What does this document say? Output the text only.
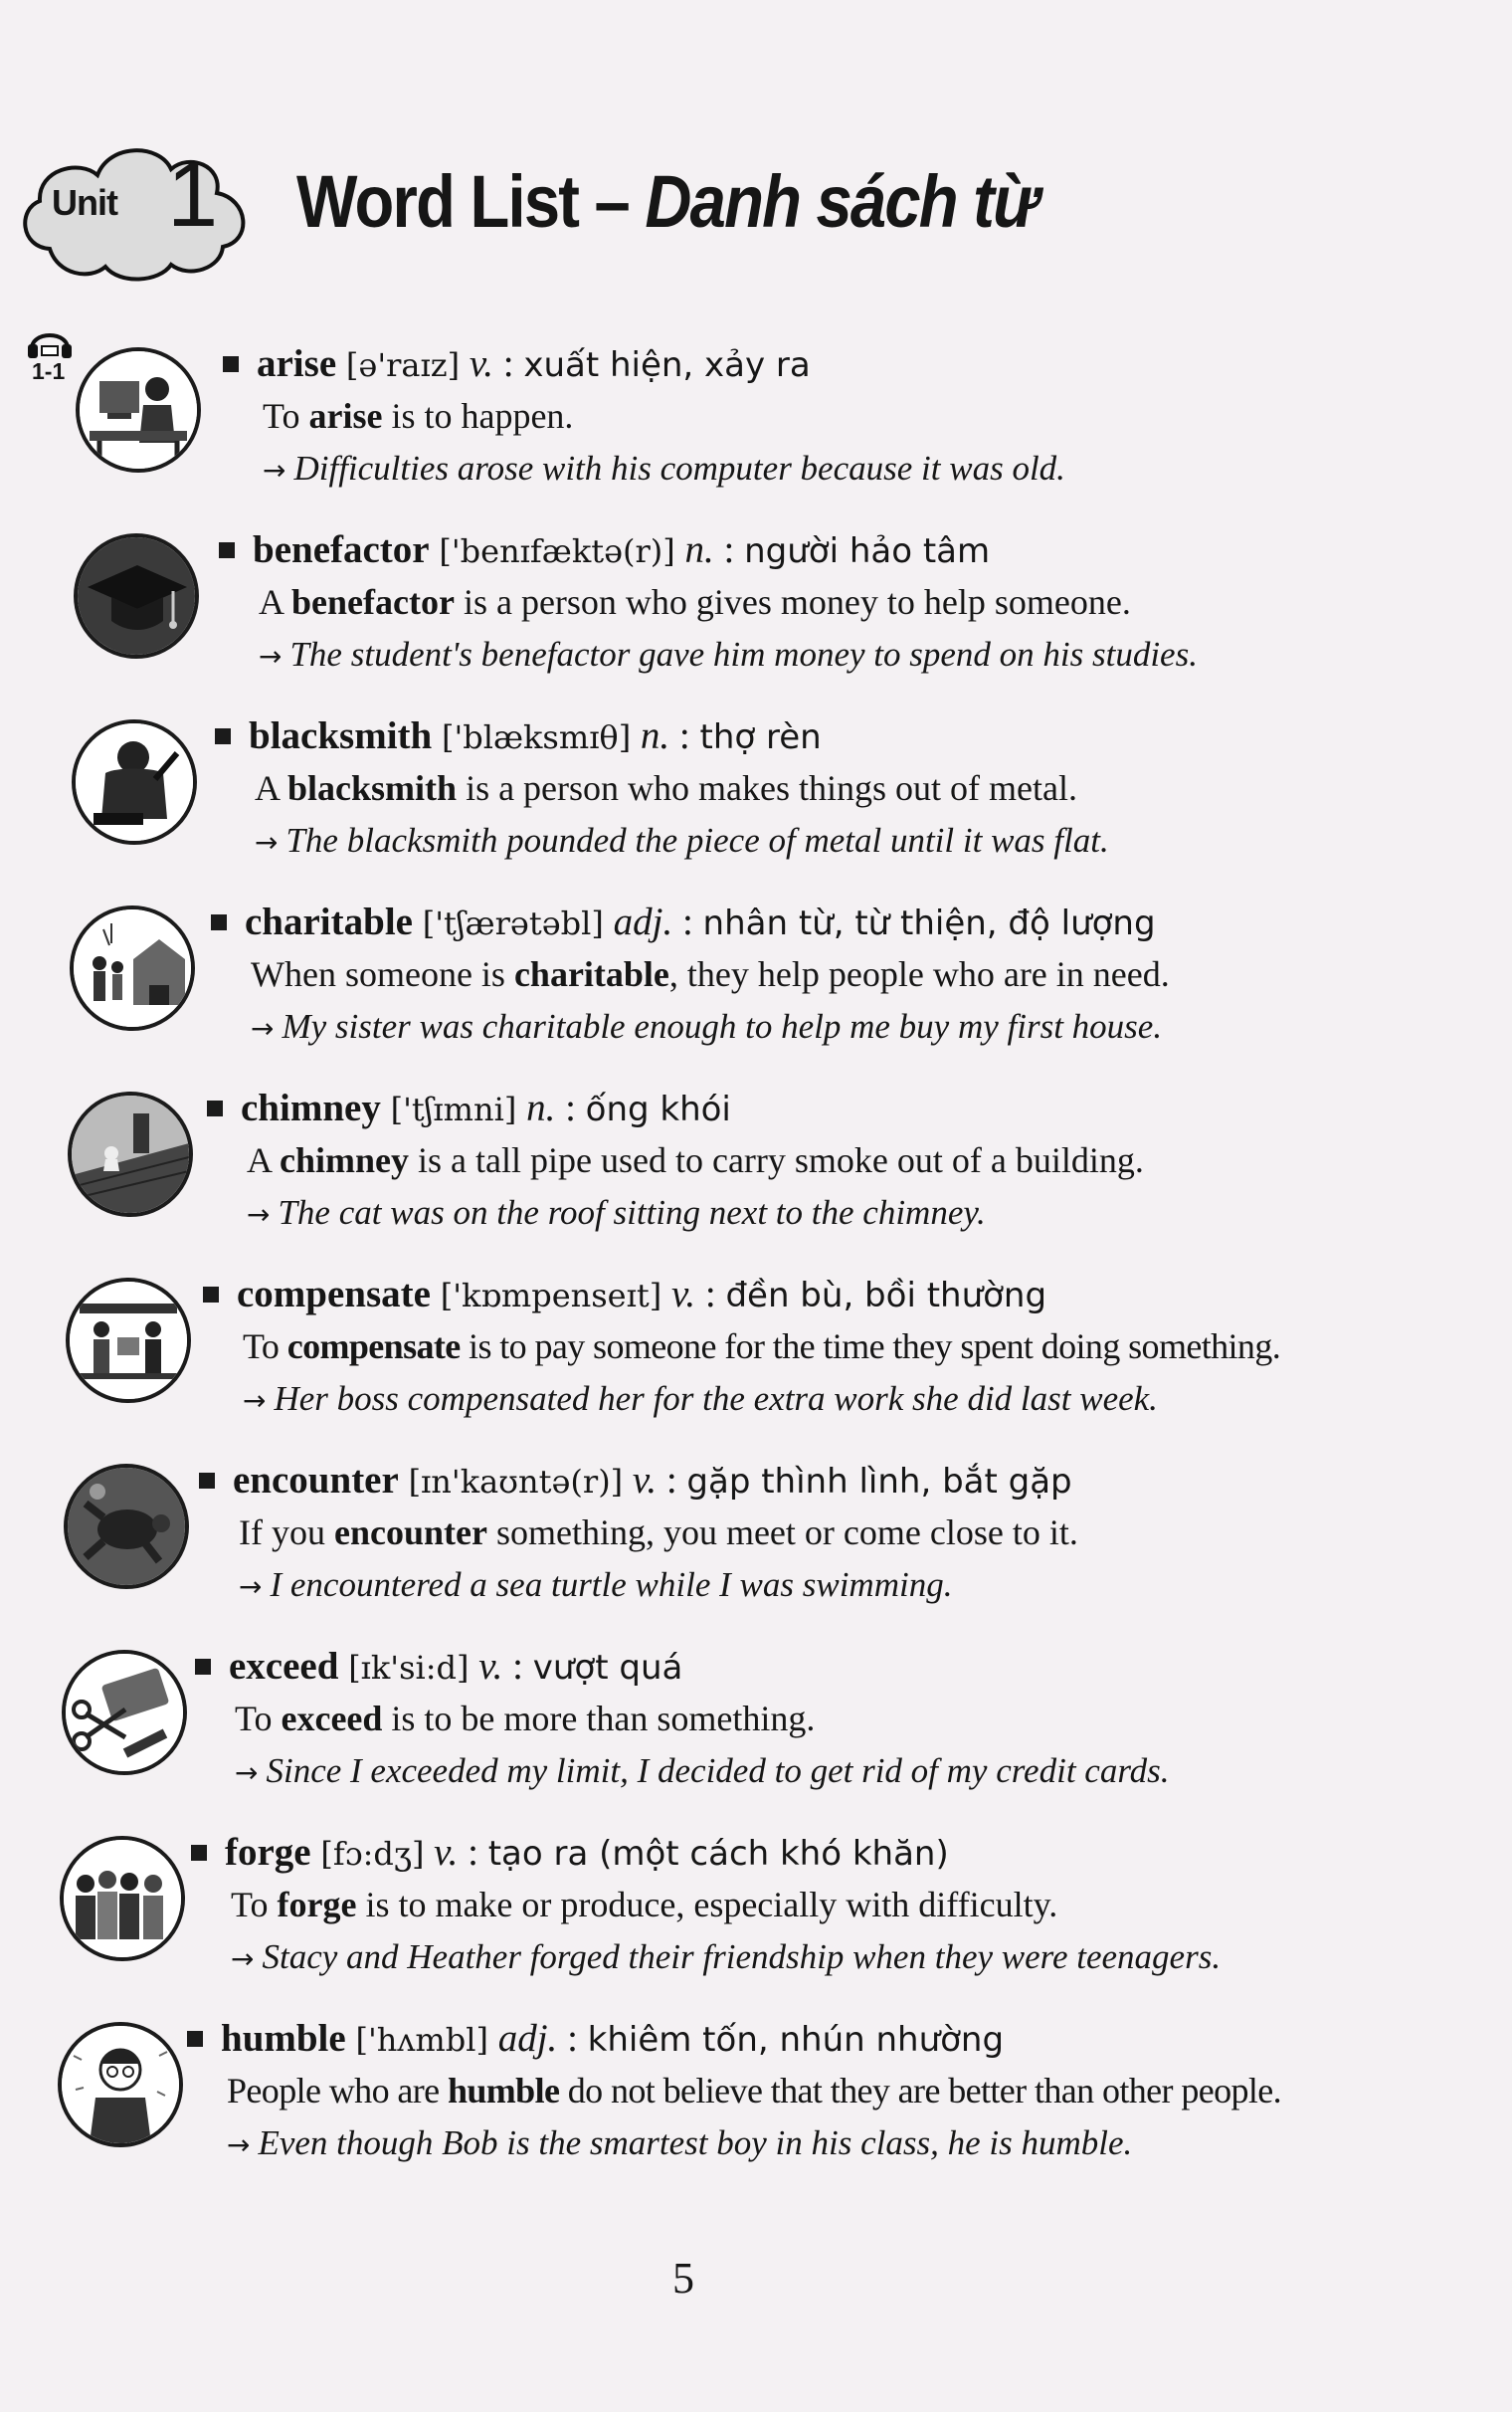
Unit 1 Word List – Danh sách từ
1-1	arise [ə'raɪz] v. : xuất hiện, xảy ra
To arise is to happen.
→ Difficulties arose with his computer because it was old.
benefactor ['benɪfæktə(r)] n. : người hảo tâm
A benefactor is a person who gives money to help someone.
→ The student's benefactor gave him money to spend on his studies.
blacksmith ['blæksmɪθ] n. : thợ rèn
A blacksmith is a person who makes things out of metal.
→ The blacksmith pounded the piece of metal until it was flat.
charitable ['tʃærətəbl] adj. : nhân từ, từ thiện, độ lượng
When someone is charitable, they help people who are in need.
→ My sister was charitable enough to help me buy my first house.
chimney ['tʃɪmni] n. : ống khói
A chimney is a tall pipe used to carry smoke out of a building.
→ The cat was on the roof sitting next to the chimney.
compensate ['kɒmpenseɪt] v. : đền bù, bồi thường
To compensate is to pay someone for the time they spent doing something.
→ Her boss compensated her for the extra work she did last week.
encounter [ɪn'kaʊntə(r)] v. : gặp thình lình, bắt gặp
If you encounter something, you meet or come close to it.
→ I encountered a sea turtle while I was swimming.
exceed [ɪk'si:d] v. : vượt quá
To exceed is to be more than something.
→ Since I exceeded my limit, I decided to get rid of my credit cards.
forge [fɔ:dʒ] v. : tạo ra (một cách khó khăn)
To forge is to make or produce, especially with difficulty.
→ Stacy and Heather forged their friendship when they were teenagers.
humble ['hʌmbl] adj. : khiêm tốn, nhún nhường
People who are humble do not believe that they are better than other people.
→ Even though Bob is the smartest boy in his class, he is humble.
5
